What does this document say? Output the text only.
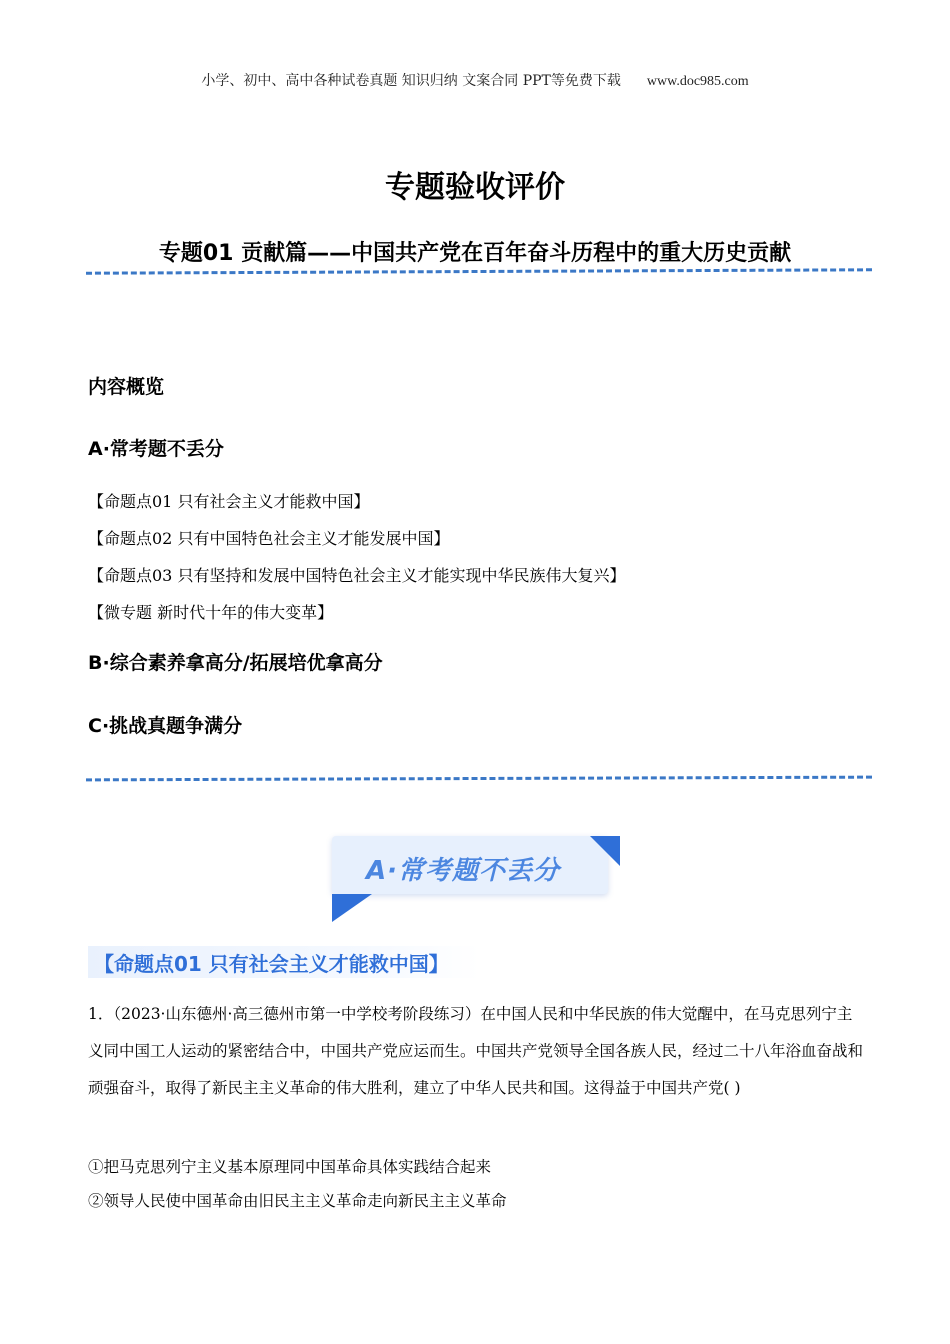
小学、初中、高中各种试卷真题 知识归纳 文案合同 PPT等免费下载 www.doc985.com
专题验收评价
专题01 贡献篇——中国共产党在百年奋斗历程中的重大历史贡献
内容概览
A·常考题不丢分
【命题点01 只有社会主义才能救中国】
【命题点02 只有中国特色社会主义才能发展中国】
【命题点03 只有坚持和发展中国特色社会主义才能实现中华民族伟大复兴】
【微专题 新时代十年的伟大变革】
B·综合素养拿高分/拓展培优拿高分
C·挑战真题争满分
A·常考题不丢分
【命题点01 只有社会主义才能救中国】
1．（2023·山东德州·高三德州市第一中学校考阶段练习）在中国人民和中华民族的伟大觉醒中，在马克思列宁主义同中国工人运动的紧密结合中，中国共产党应运而生。中国共产党领导全国各族人民，经过二十八年浴血奋战和顽强奋斗，取得了新民主主义革命的伟大胜利，建立了中华人民共和国。这得益于中国共产党( )
①把马克思列宁主义基本原理同中国革命具体实践结合起来
②领导人民使中国革命由旧民主主义革命走向新民主主义革命
